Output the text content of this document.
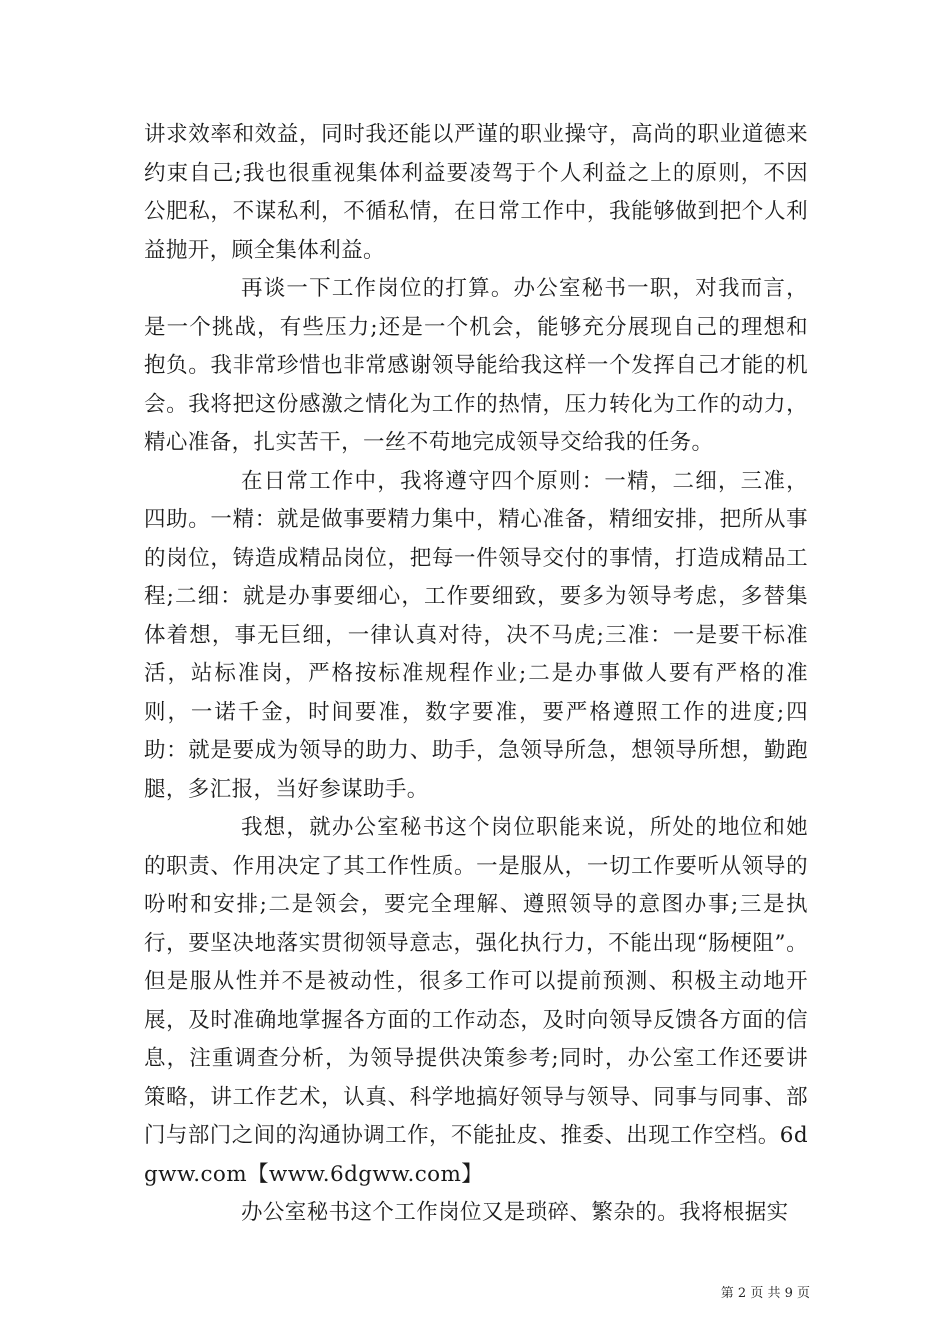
讲求效率和效益，同时我还能以严谨的职业操守，高尚的职业道德来约束自己;我也很重视集体利益要凌驾于个人利益之上的原则，不因公肥私，不谋私利，不循私情，在日常工作中，我能够做到把个人利益抛开，顾全集体利益。

再谈一下工作岗位的打算。办公室秘书一职，对我而言，是一个挑战，有些压力;还是一个机会，能够充分展现自己的理想和抱负。我非常珍惜也非常感谢领导能给我这样一个发挥自己才能的机会。我将把这份感激之情化为工作的热情，压力转化为工作的动力，精心准备，扎实苦干，一丝不苟地完成领导交给我的任务。

在日常工作中，我将遵守四个原则：一精，二细，三准，四助。一精：就是做事要精力集中，精心准备，精细安排，把所从事的岗位，铸造成精品岗位，把每一件领导交付的事情，打造成精品工程;二细：就是办事要细心，工作要细致，要多为领导考虑，多替集体着想，事无巨细，一律认真对待，决不马虎;三准：一是要干标准活，站标准岗，严格按标准规程作业;二是办事做人要有严格的准则，一诺千金，时间要准，数字要准，要严格遵照工作的进度;四助：就是要成为领导的助力、助手，急领导所急，想领导所想，勤跑腿，多汇报，当好参谋助手。

我想，就办公室秘书这个岗位职能来说，所处的地位和她的职责、作用决定了其工作性质。一是服从，一切工作要听从领导的吩咐和安排;二是领会，要完全理解、遵照领导的意图办事;三是执行，要坚决地落实贯彻领导意志，强化执行力，不能出现“肠梗阻”。但是服从性并不是被动性，很多工作可以提前预测、积极主动地开展，及时准确地掌握各方面的工作动态，及时向领导反馈各方面的信息，注重调查分析，为领导提供决策参考;同时，办公室工作还要讲策略，讲工作艺术，认真、科学地搞好领导与领导、同事与同事、部门与部门之间的沟通协调工作，不能扯皮、推委、出现工作空档。6dgww.com【www.6dgww.com】

办公室秘书这个工作岗位又是琐碎、繁杂的。我将根据实

第 2 页 共 9 页
